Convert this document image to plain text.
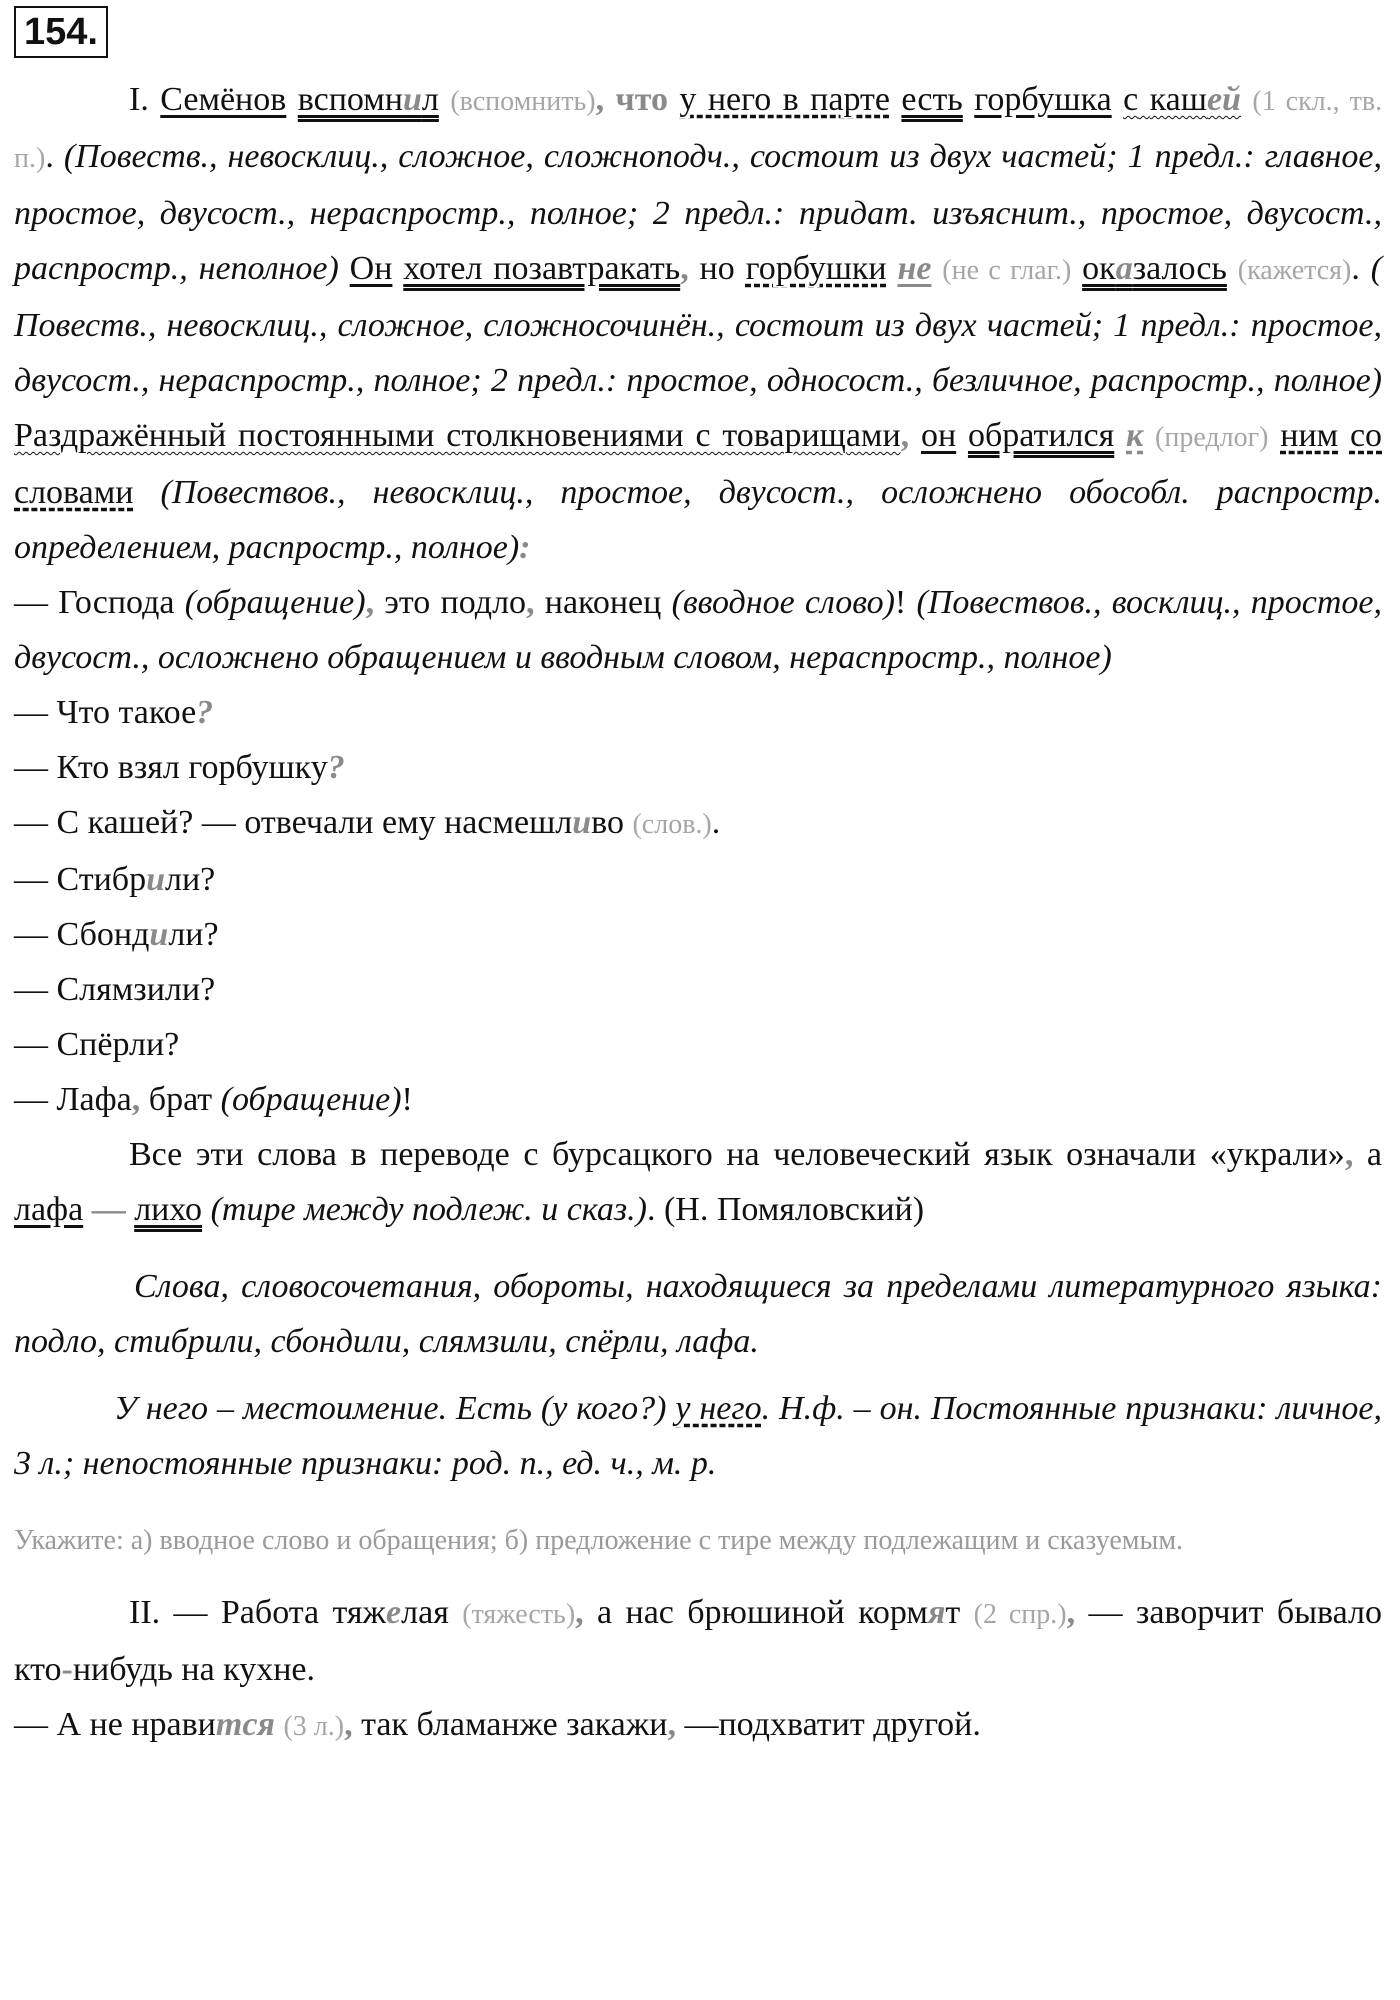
154.

I. Семёнов вспомнил (вспомнить), что у него в парте есть горбушка с кашей (1 скл., тв. п.). (Повеств., невосклиц., сложное, сложноподч., состоит из двух частей; 1 предл.: главное, простое, двусост., нераспростр., полное; 2 предл.: придат. изъяснит., простое, двусост., распростр., неполное) Он хотел позавтракать, но горбушки не (не с глаг.) оказалось (кажется). ( Повеств., невосклиц., сложное, сложносочинён., состоит из двух частей; 1 предл.: простое, двусост., нераспростр., полное; 2 предл.: простое, односост., безличное, распростр., полное) Раздражённый постоянными столкновениями с товарищами, он обратился к (предлог) ним со словами (Повествов., невосклиц., простое, двусост., осложнено обособл. распростр. определением, распростр., полное):

— Господа (обращение), это подло, наконец (вводное слово)! (Повествов., восклиц., простое, двусост., осложнено обращением и вводным словом, нераспростр., полное)

— Что такое?

— Кто взял горбушку?

— С кашей? — отвечали ему насмешливо (слов.).

— Стибрили?

— Сбондили?

— Слямзили?

— Спёрли?

— Лафа, брат (обращение)!

Все эти слова в переводе с бурсацкого на человеческий язык означали «украли», а лафа — лихо (тире между подлеж. и сказ.). (Н. Помяловский)

Слова, словосочетания, обороты, находящиеся за пределами литературного языка: подло, стибрили, сбондили, слямзили, спёрли, лафа.

У него – местоимение. Есть (у кого?) у него. Н.ф. – он. Постоянные признаки: личное, 3 л.; непостоянные признаки: род. п., ед. ч., м. р.

Укажите: а) вводное слово и обращения; б) предложение с тире между подлежащим и сказуемым.

II. — Работа тяжелая (тяжесть), а нас брюшиной кормят (2 спр.), — заворчит бывало кто-нибудь на кухне.

— А не нравится (3 л.), так бламанже закажи, —подхватит другой.
